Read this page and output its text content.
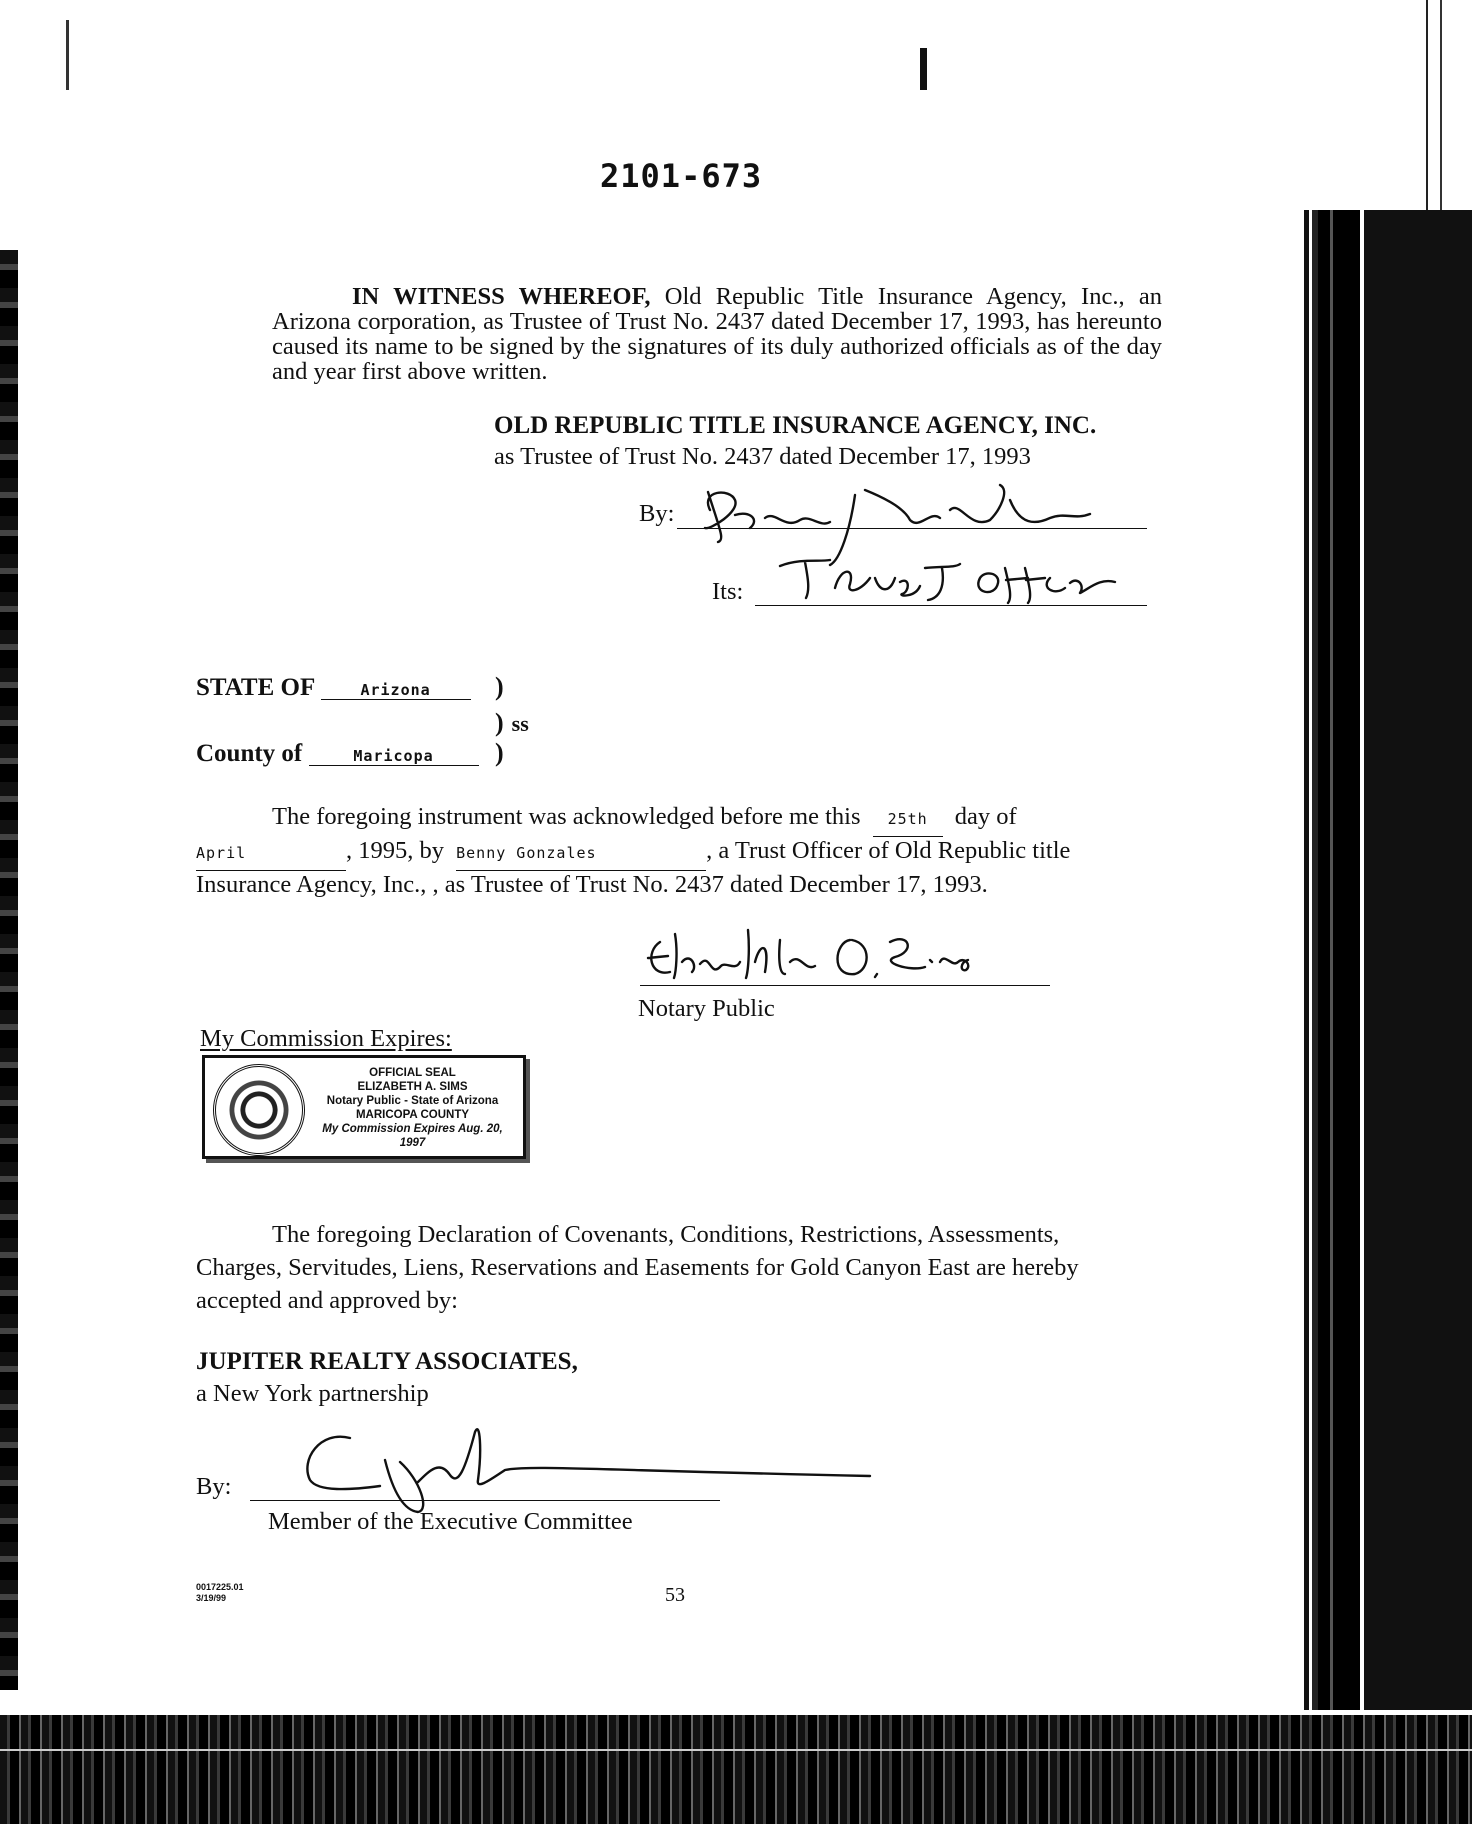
2101-673
IN WITNESS WHEREOF, Old Republic Title Insurance Agency, Inc., an Arizona corporation, as Trustee of Trust No. 2437 dated December 17, 1993, has hereunto caused its name to be signed by the signatures of its duly authorized officials as of the day and year first above written.
OLD REPUBLIC TITLE INSURANCE AGENCY, INC.
as Trustee of Trust No. 2437 dated December 17, 1993
By:
Its:
STATE OF	Arizona	)
) ss
County of	Maricopa	)
The foregoing instrument was acknowledged before me this 25th day of
April	, 1995, by Benny Gonzales	, a Trust Officer of Old Republic title
Insurance Agency, Inc., , as Trustee of Trust No. 2437 dated December 17, 1993.
Notary Public
My Commission Expires:
OFFICIAL SEAL
ELIZABETH A. SIMS
Notary Public - State of Arizona
MARICOPA COUNTY
My Commission Expires Aug. 20, 1997
The foregoing Declaration of Covenants, Conditions, Restrictions, Assessments,
Charges, Servitudes, Liens, Reservations and Easements for Gold Canyon East are hereby
accepted and approved by:
JUPITER REALTY ASSOCIATES,
a New York partnership
By:
Member of the Executive Committee
0017225.01
3/19/99	53
